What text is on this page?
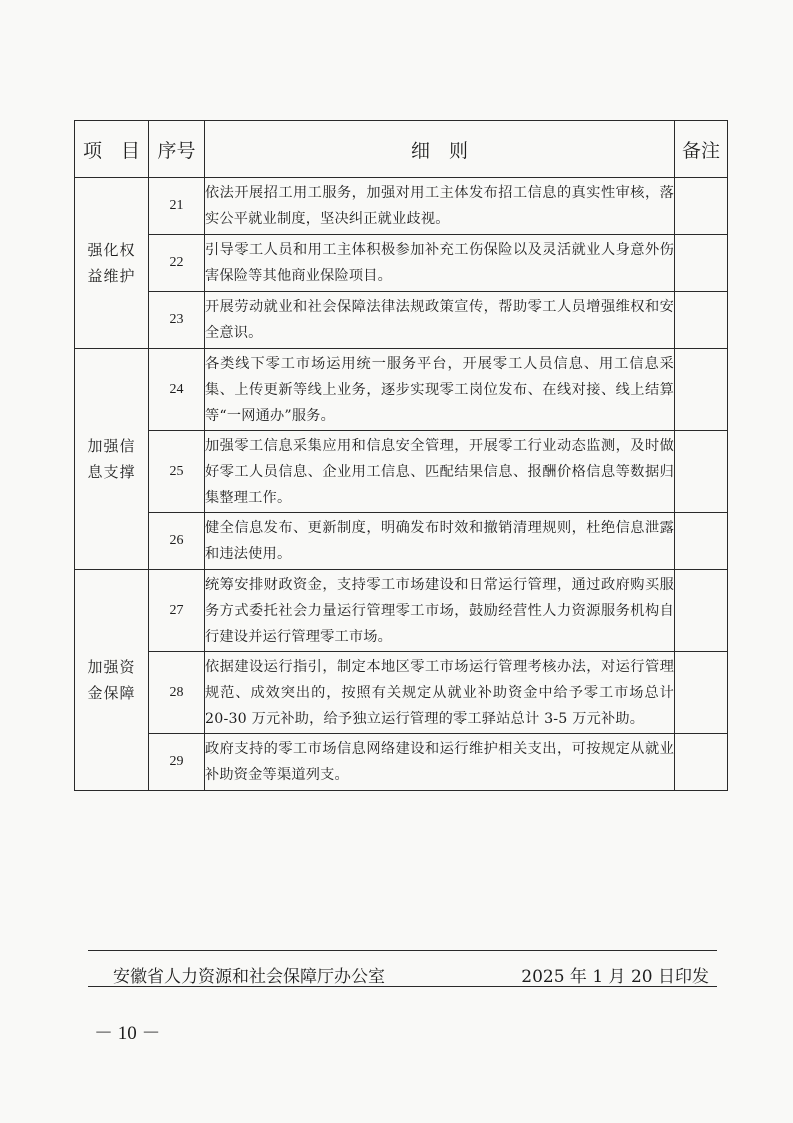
项　目	序号	细　则	备注
强化权益维护	21	依法开展招工用工服务，加强对用工主体发布招工信息的真实性审核，落实公平就业制度，坚决纠正就业歧视。	
	22	引导零工人员和用工主体积极参加补充工伤保险以及灵活就业人身意外伤害保险等其他商业保险项目。	
	23	开展劳动就业和社会保障法律法规政策宣传，帮助零工人员增强维权和安全意识。	
加强信息支撑	24	各类线下零工市场运用统一服务平台，开展零工人员信息、用工信息采集、上传更新等线上业务，逐步实现零工岗位发布、在线对接、线上结算等“一网通办”服务。	
	25	加强零工信息采集应用和信息安全管理，开展零工行业动态监测，及时做好零工人员信息、企业用工信息、匹配结果信息、报酬价格信息等数据归集整理工作。	
	26	健全信息发布、更新制度，明确发布时效和撤销清理规则，杜绝信息泄露和违法使用。	
加强资金保障	27	统筹安排财政资金，支持零工市场建设和日常运行管理，通过政府购买服务方式委托社会力量运行管理零工市场，鼓励经营性人力资源服务机构自行建设并运行管理零工市场。	
	28	依据建设运行指引，制定本地区零工市场运行管理考核办法，对运行管理规范、成效突出的，按照有关规定从就业补助资金中给予零工市场总计 20-30 万元补助，给予独立运行管理的零工驿站总计 3-5 万元补助。	
	29	政府支持的零工市场信息网络建设和运行维护相关支出，可按规定从就业补助资金等渠道列支。	
安徽省人力资源和社会保障厅办公室	2025 年 1 月 20 日印发
－ 10 －
